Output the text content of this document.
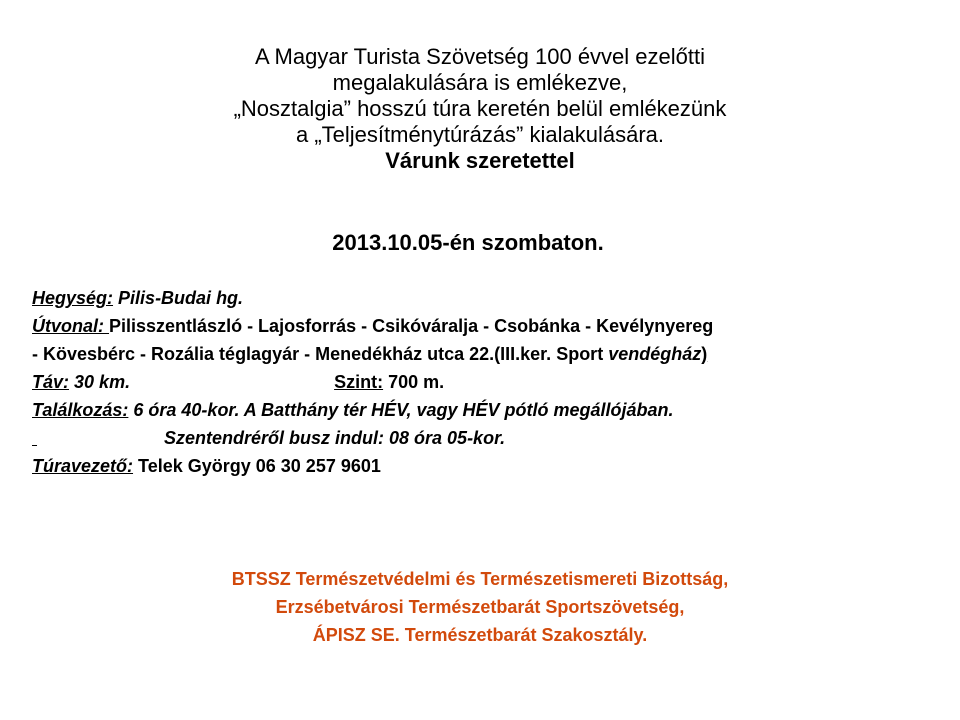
A Magyar Turista Szövetség 100 évvel ezelőtti
megalakulására is emlékezve,
„Nosztalgia” hosszú túra keretén belül emlékezünk
a „Teljesítménytúrázás” kialakulására.
Várunk szeretettel
2013.10.05-én szombaton.
Hegység: Pilis-Budai hg.
Útvonal: Pilisszentlászló - Lajosforrás - Csikóváralja - Csobánka - Kevélynyereg
- Kövesbérc - Rozália téglagyár - Menedékház utca 22.(III.ker. Sport vendégház)
Táv: 30 km.	Szint: 700 m.
Találkozás: 6 óra 40-kor. A Batthány tér HÉV, vagy HÉV pótló megállójában.
Szentendréről busz indul: 08 óra 05-kor.
Túravezető: Telek György 06 30 257 9601
BTSSZ Természetvédelmi és Természetismereti Bizottság,
Erzsébetvárosi Természetbarát Sportszövetség,
ÁPISZ SE. Természetbarát Szakosztály.
